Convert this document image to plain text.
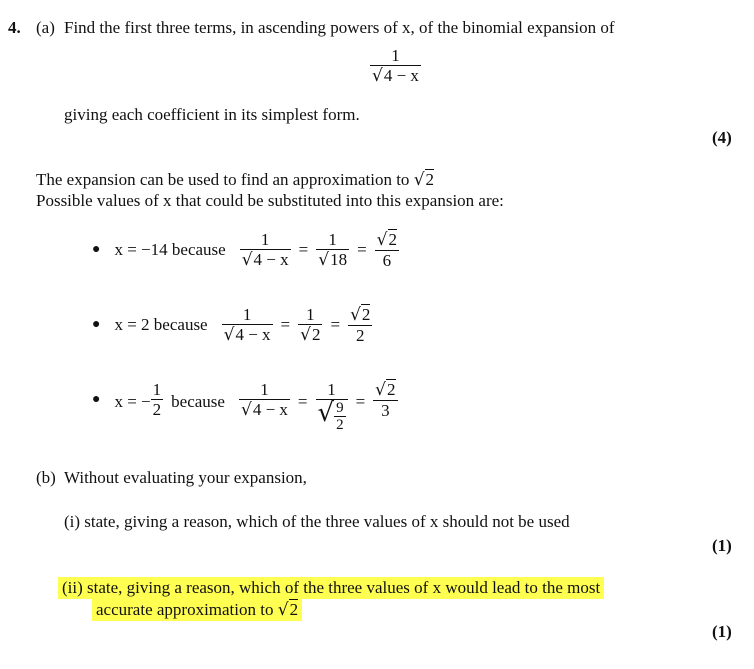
4. (a) Find the first three terms, in ascending powers of x, of the binomial expansion of
$\frac{1}{√4 - x}$
giving each coefficient in its simplest form.
(4)
The expansion can be used to find an approximation to √2
Possible values of x that could be substituted into this expansion are:
● x = −14 because $\frac{1}{√4 - x} = \frac{1}{√18} = \frac{√2}{6}$
● x = 2 because $\frac{1}{√4 - x} = \frac{1}{√2} = \frac{√2}{2}$
● x = − $\frac{1}{2}$ because $\frac{1}{√4 - x} = \frac{1}{√ \frac{9}{2}} = \frac{√2}{3}$
(b) Without evaluating your expansion,
(i) state, giving a reason, which of the three values of x should not be used
(1)
(ii) state, giving a reason, which of the three values of x would lead to the most
accurate approximation to √2
(1)
